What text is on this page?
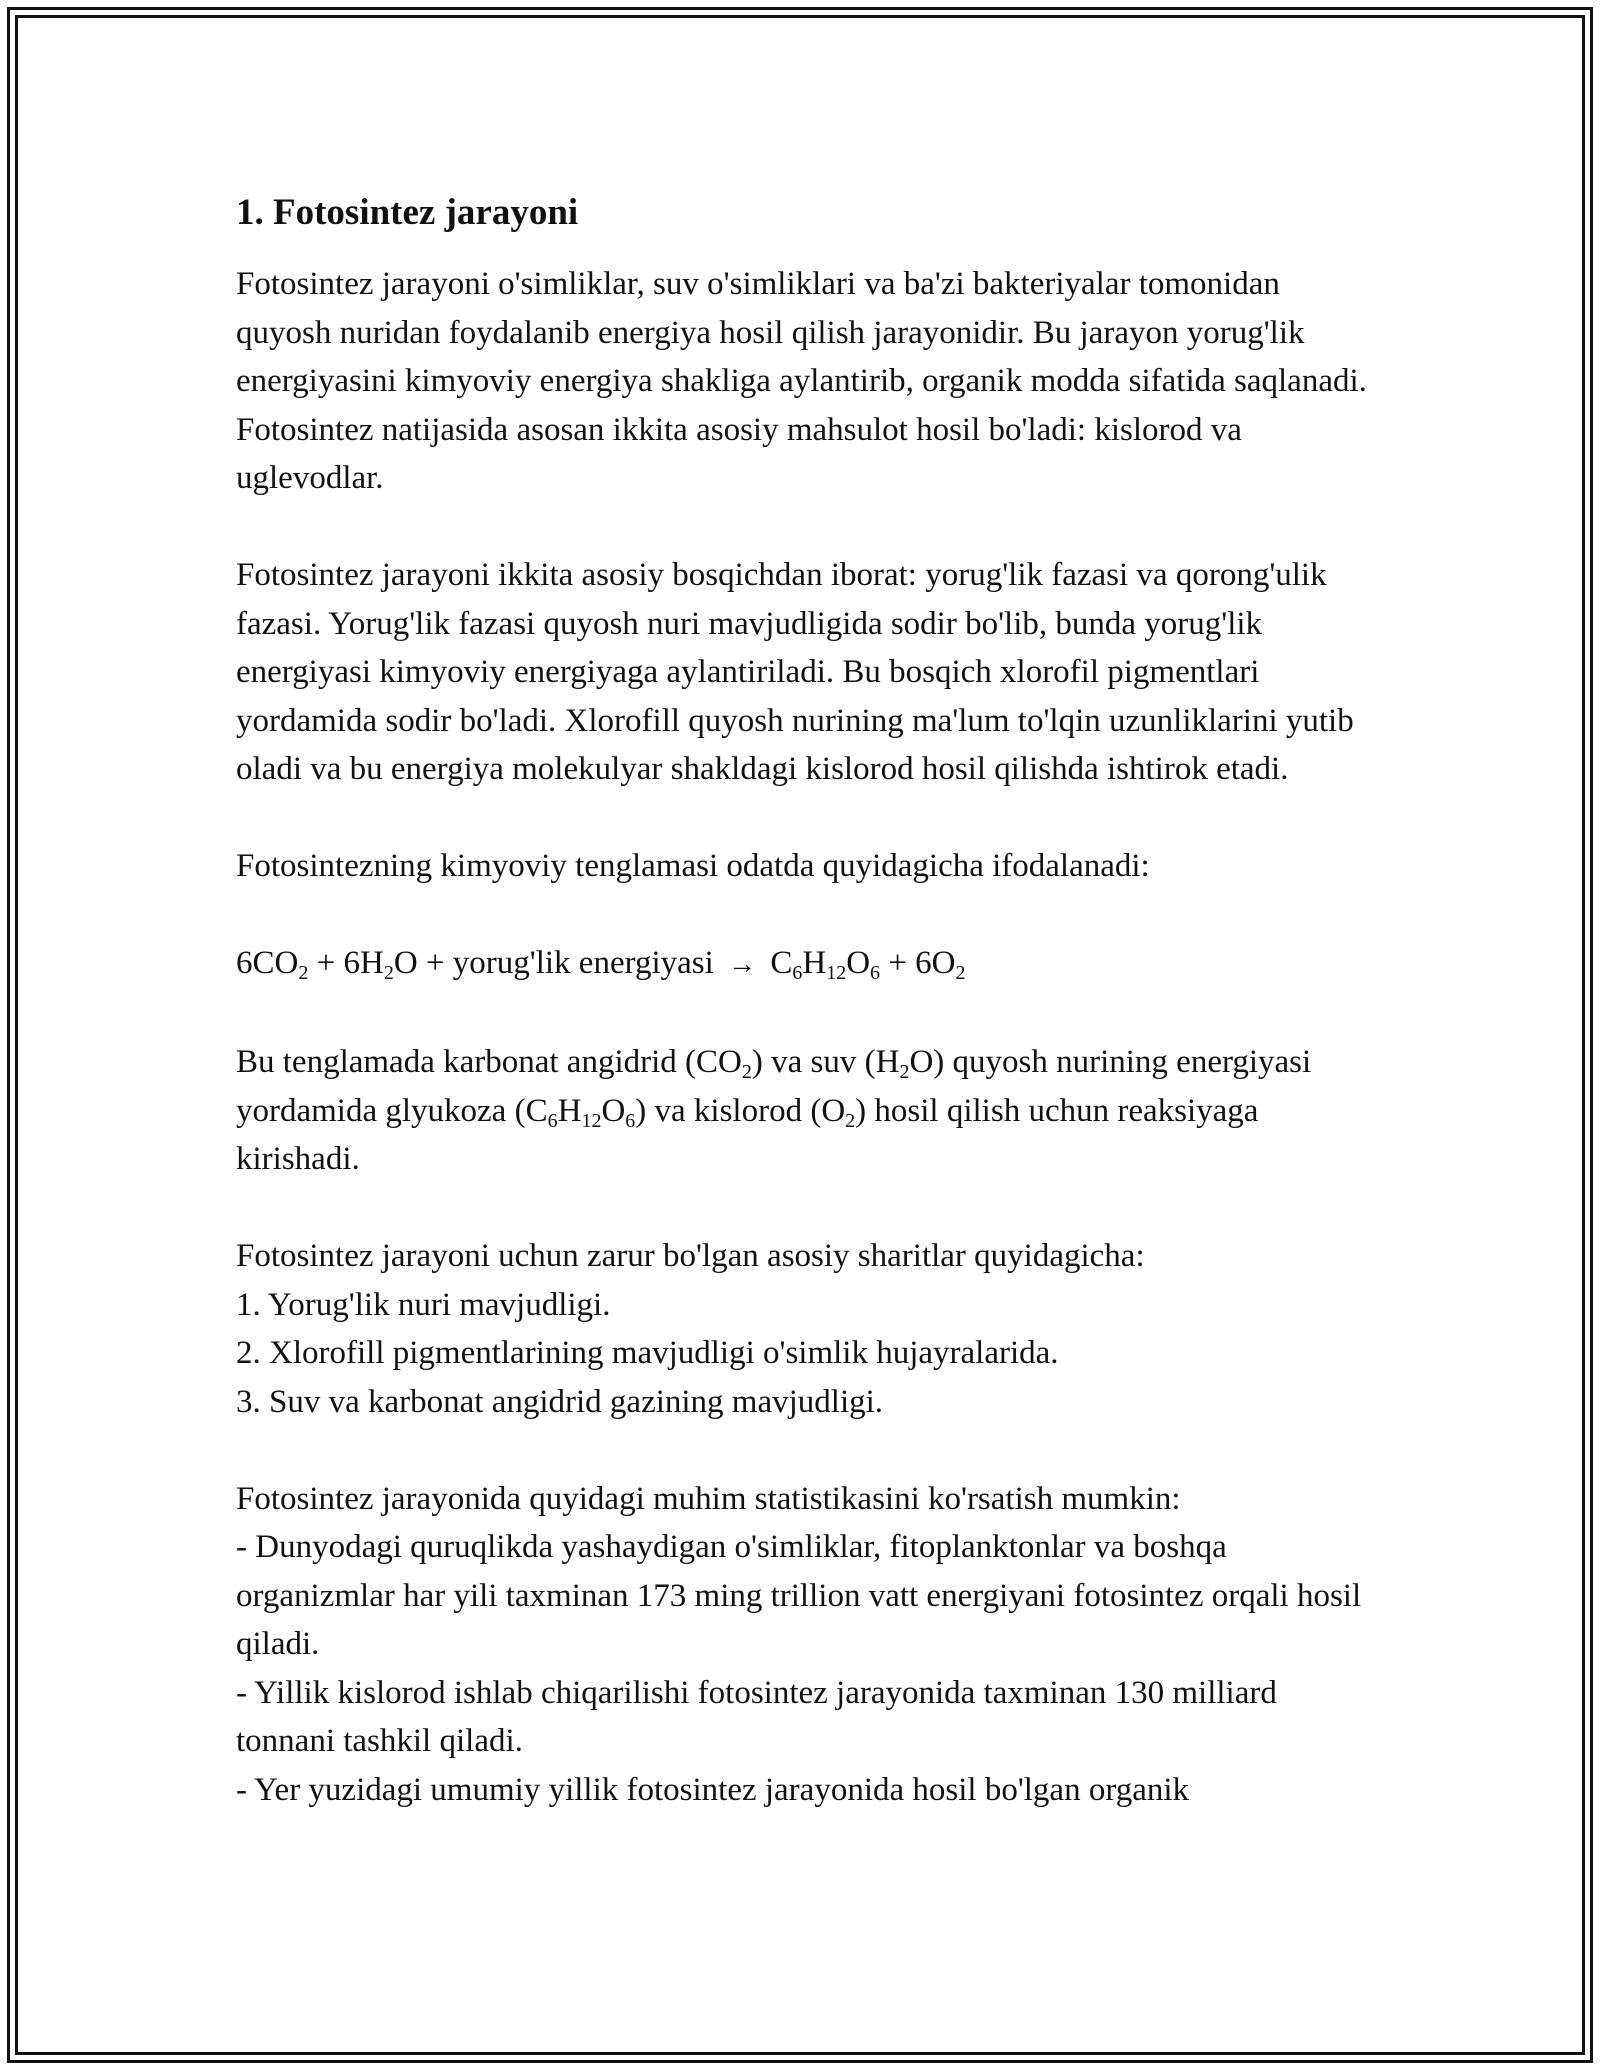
1. Fotosintez jarayoni

Fotosintez jarayoni o'simliklar, suv o'simliklari va ba'zi bakteriyalar tomonidan quyosh nuridan foydalanib energiya hosil qilish jarayonidir. Bu jarayon yorug'lik energiyasini kimyoviy energiya shakliga aylantirib, organik modda sifatida saqlanadi. Fotosintez natijasida asosan ikkita asosiy mahsulot hosil bo'ladi: kislorod va uglevodlar.

Fotosintez jarayoni ikkita asosiy bosqichdan iborat: yorug'lik fazasi va qorong'ulik fazasi. Yorug'lik fazasi quyosh nuri mavjudligida sodir bo'lib, bunda yorug'lik energiyasi kimyoviy energiyaga aylantiriladi. Bu bosqich xlorofil pigmentlari yordamida sodir bo'ladi. Xlorofill quyosh nurining ma'lum to'lqin uzunliklarini yutib oladi va bu energiya molekulyar shakldagi kislorod hosil qilishda ishtirok etadi.

Fotosintezning kimyoviy tenglamasi odatda quyidagicha ifodalanadi:

$6CO_2 + 6H_2O$ + yorug'lik energiyasi → $C_6H_{12}O_6 + 6O_2$

Bu tenglamada karbonat angidrid $(CO_2)$ va suv $(H_2O)$ quyosh nurining energiyasi yordamida glyukoza $(C_6H_{12}O_6)$ va kislorod $(O_2)$ hosil qilish uchun reaksiyaga kirishadi.

Fotosintez jarayoni uchun zarur bo'lgan asosiy sharitlar quyidagicha:

1. Yorug'lik nuri mavjudligi.

2. Xlorofill pigmentlarining mavjudligi o'simlik hujayralarida.

3. Suv va karbonat angidrid gazining mavjudligi.

Fotosintez jarayonida quyidagi muhim statistikasini ko'rsatish mumkin:

- Dunyodagi quruqlikda yashaydigan o'simliklar, fitoplanktonlar va boshqa organizmlar har yili taxminan 173 ming trillion vatt energiyani fotosintez orqali hosil qiladi.

- Yillik kislorod ishlab chiqarilishi fotosintez jarayonida taxminan 130 milliard tonnani tashkil qiladi.

- Yer yuzidagi umumiy yillik fotosintez jarayonida hosil bo'lgan organik
